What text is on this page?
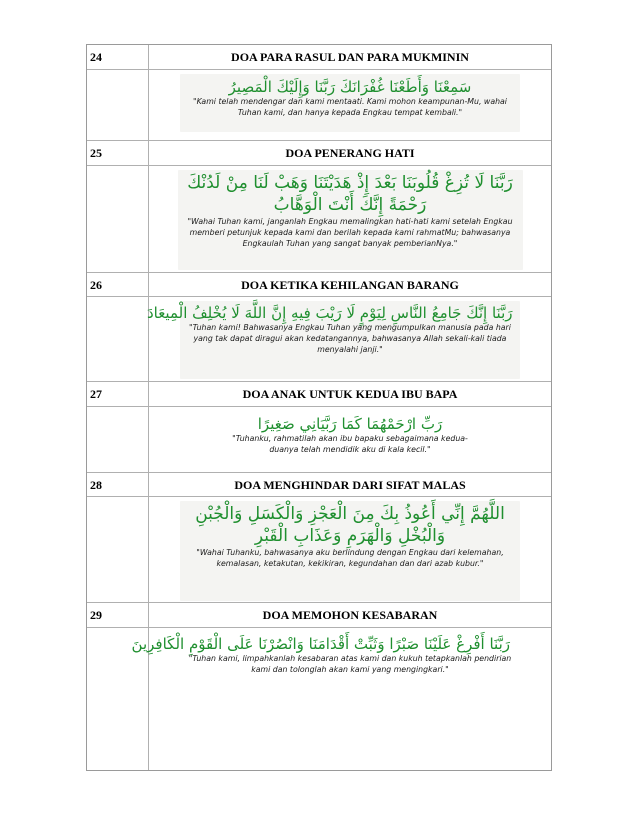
24	DOA PARA RASUL DAN PARA MUKMININ
سَمِعْنَا وَأَطَعْنَا غُفْرَانَكَ رَبَّنَا وَإِلَيْكَ الْمَصِيرُ
"Kami telah mendengar dan kami mentaati. Kami mohon keampunan-Mu, wahai Tuhan kami, dan hanya kepada Engkau tempat kembali."
25	DOA PENERANG HATI
رَبَّنَا لَا تُزِغْ قُلُوبَنَا بَعْدَ إِذْ هَدَيْتَنَا وَهَبْ لَنَا مِنْ لَدُنْكَ رَحْمَةً إِنَّكَ أَنْتَ الْوَهَّابُ
"Wahai Tuhan kami, janganlah Engkau memalingkan hati-hati kami setelah Engkau memberi petunjuk kepada kami dan berilah kepada kami rahmatMu; bahwasanya Engkaulah Tuhan yang sangat banyak pemberianNya."
26	DOA KETIKA KEHILANGAN BARANG
رَبَّنَا إِنَّكَ جَامِعُ النَّاسِ لِيَوْمٍ لَا رَيْبَ فِيهِ إِنَّ اللَّهَ لَا يُخْلِفُ الْمِيعَادَ
"Tuhan kami! Bahwasanya Engkau Tuhan yang mengumpulkan manusia pada hari yang tak dapat diragui akan kedatangannya, bahwasanya Allah sekali-kali tiada menyalahi janji."
27	DOA ANAK UNTUK KEDUA IBU BAPA
رَبِّ ارْحَمْهُمَا كَمَا رَبَّيَانِي صَغِيرًا
"Tuhanku, rahmatilah akan ibu bapaku sebagaimana kedua-duanya telah mendidik aku di kala kecil."
28	DOA MENGHINDAR DARI SIFAT MALAS
اللَّهُمَّ إِنِّي أَعُوذُ بِكَ مِنَ الْعَجْزِ وَالْكَسَلِ وَالْجُبْنِ وَالْبُخْلِ وَالْهَرَمِ وَعَذَابِ الْقَبْرِ
"Wahai Tuhanku, bahwasanya aku berlindung dengan Engkau dari kelemahan, kemalasan, ketakutan, kekikiran, kegundahan dan dari azab kubur."
29	DOA MEMOHON KESABARAN
رَبَّنَا أَفْرِغْ عَلَيْنَا صَبْرًا وَثَبِّتْ أَقْدَامَنَا وَانْصُرْنَا عَلَى الْقَوْمِ الْكَافِرِينَ
"Tuhan kami, limpahkanlah kesabaran atas kami dan kukuh tetapkanlah pendirian kami dan tolonglah akan kami yang mengingkari."
